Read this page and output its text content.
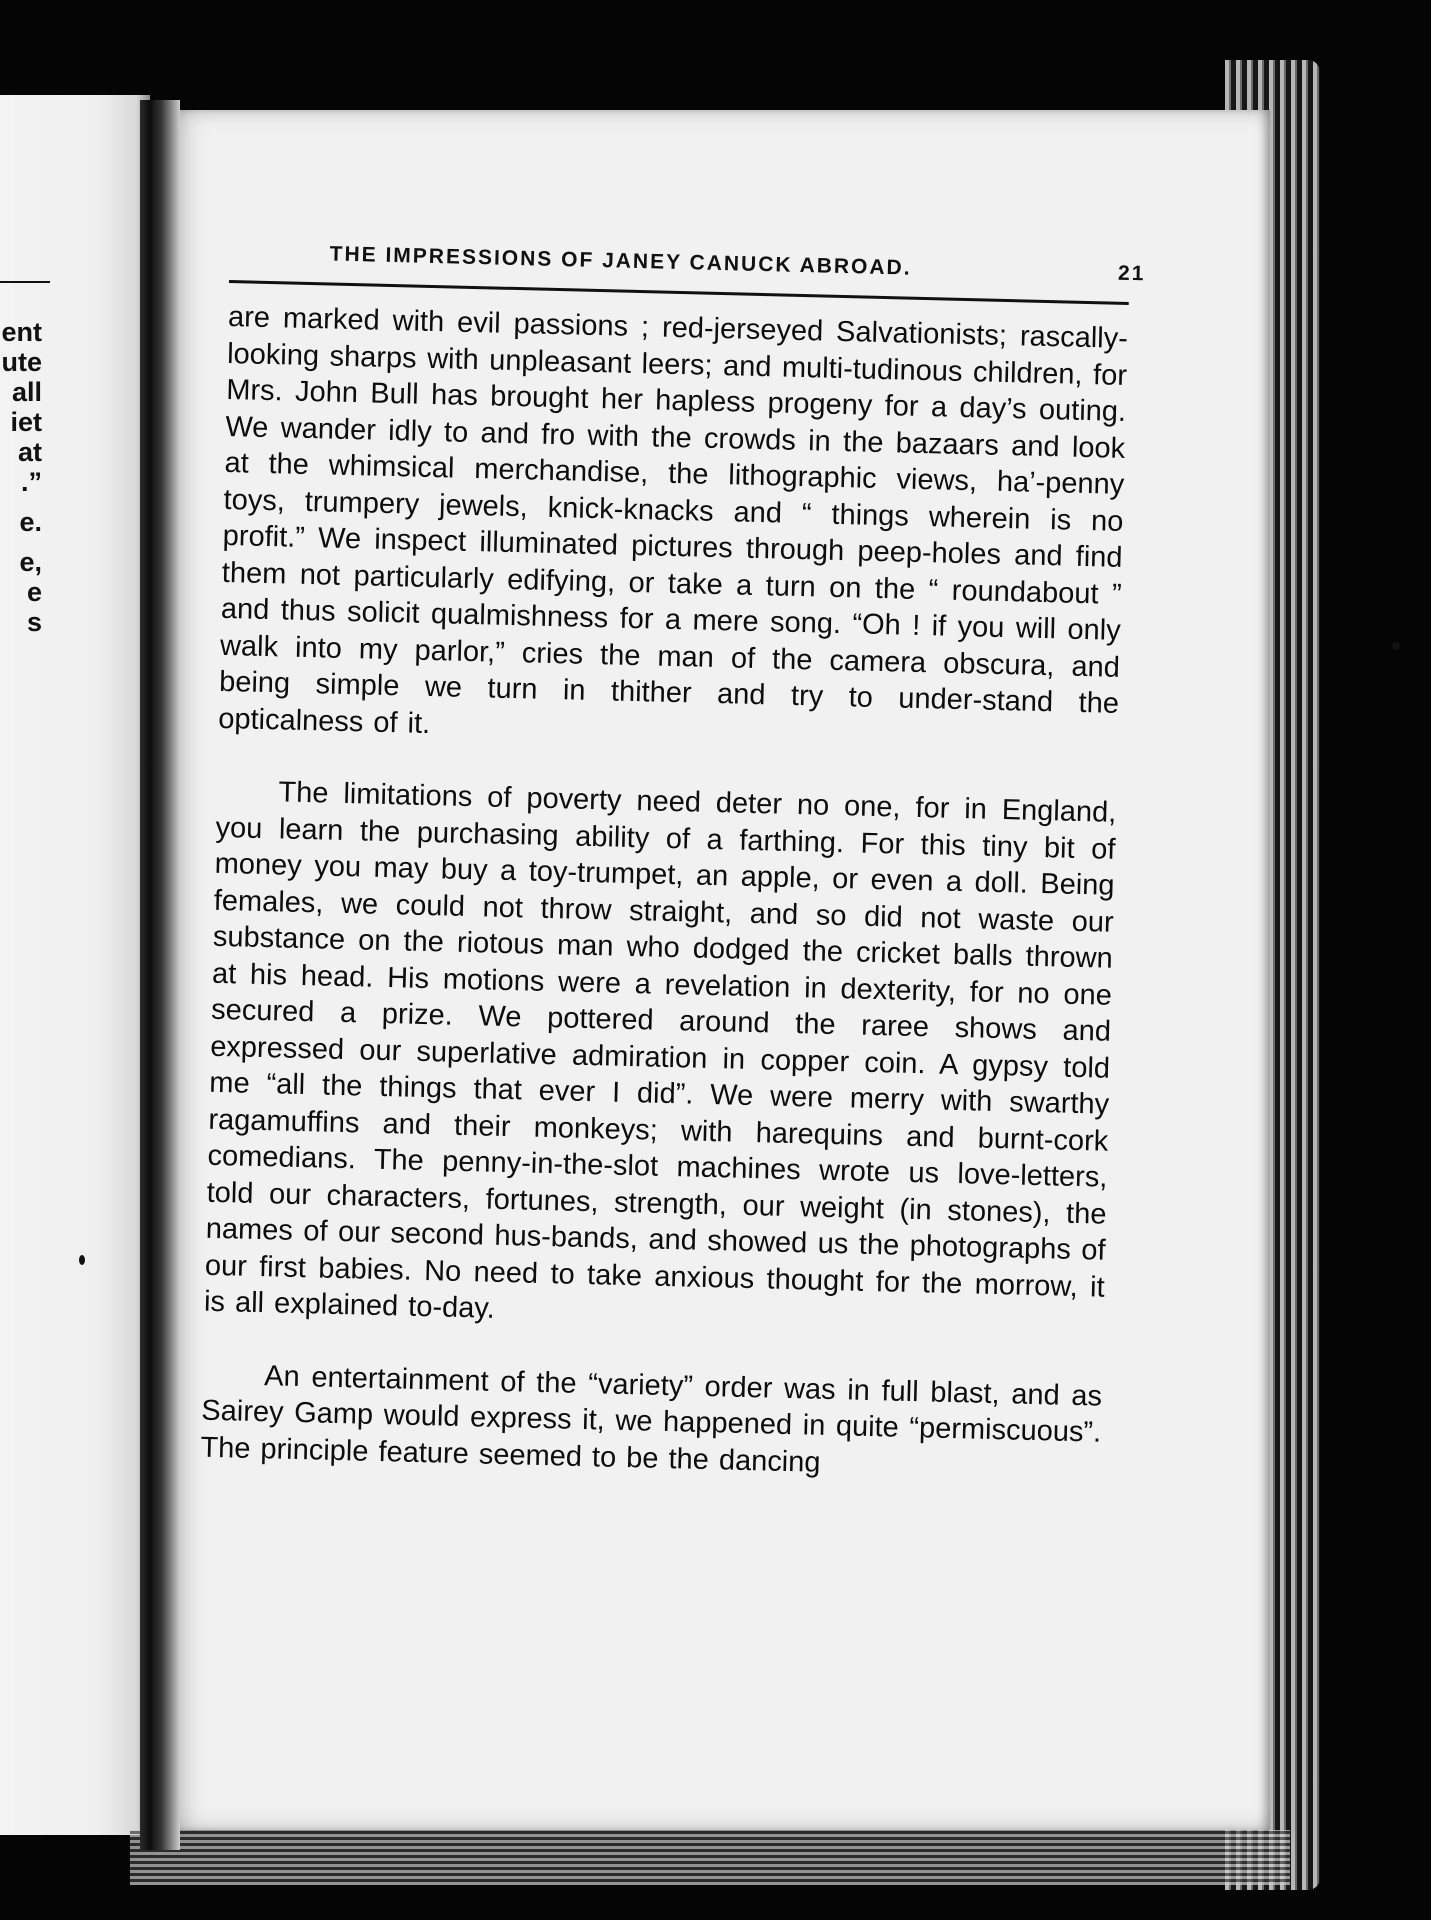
ent
ute
all
iet
at
.”
e.
e,
e
s
THE IMPRESSIONS OF JANEY CANUCK ABROAD.	21

are marked with evil passions ; red-jerseyed Salvationists; rascally-looking sharps with unpleasant leers; and multi-tudinous children, for Mrs. John Bull has brought her hapless progeny for a day’s outing. We wander idly to and fro with the crowds in the bazaars and look at the whimsical merchandise, the lithographic views, ha’-penny toys, trumpery jewels, knick-knacks and “ things wherein is no profit.” We inspect illuminated pictures through peep-holes and find them not particularly edifying, or take a turn on the “ roundabout ” and thus solicit qualmishness for a mere song. “Oh ! if you will only walk into my parlor,” cries the man of the camera obscura, and being simple we turn in thither and try to under-stand the opticalness of it.

The limitations of poverty need deter no one, for in England, you learn the purchasing ability of a farthing. For this tiny bit of money you may buy a toy-trumpet, an apple, or even a doll. Being females, we could not throw straight, and so did not waste our substance on the riotous man who dodged the cricket balls thrown at his head. His motions were a revelation in dexterity, for no one secured a prize. We pottered around the raree shows and expressed our superlative admiration in copper coin. A gypsy told me “all the things that ever I did”. We were merry with swarthy ragamuffins and their monkeys; with harequins and burnt-cork comedians. The penny-in-the-slot machines wrote us love-letters, told our characters, fortunes, strength, our weight (in stones), the names of our second hus-bands, and showed us the photographs of our first babies. No need to take anxious thought for the morrow, it is all explained to-day.

An entertainment of the “variety” order was in full blast, and as Sairey Gamp would express it, we happened in quite “permiscuous”. The principle feature seemed to be the dancing
